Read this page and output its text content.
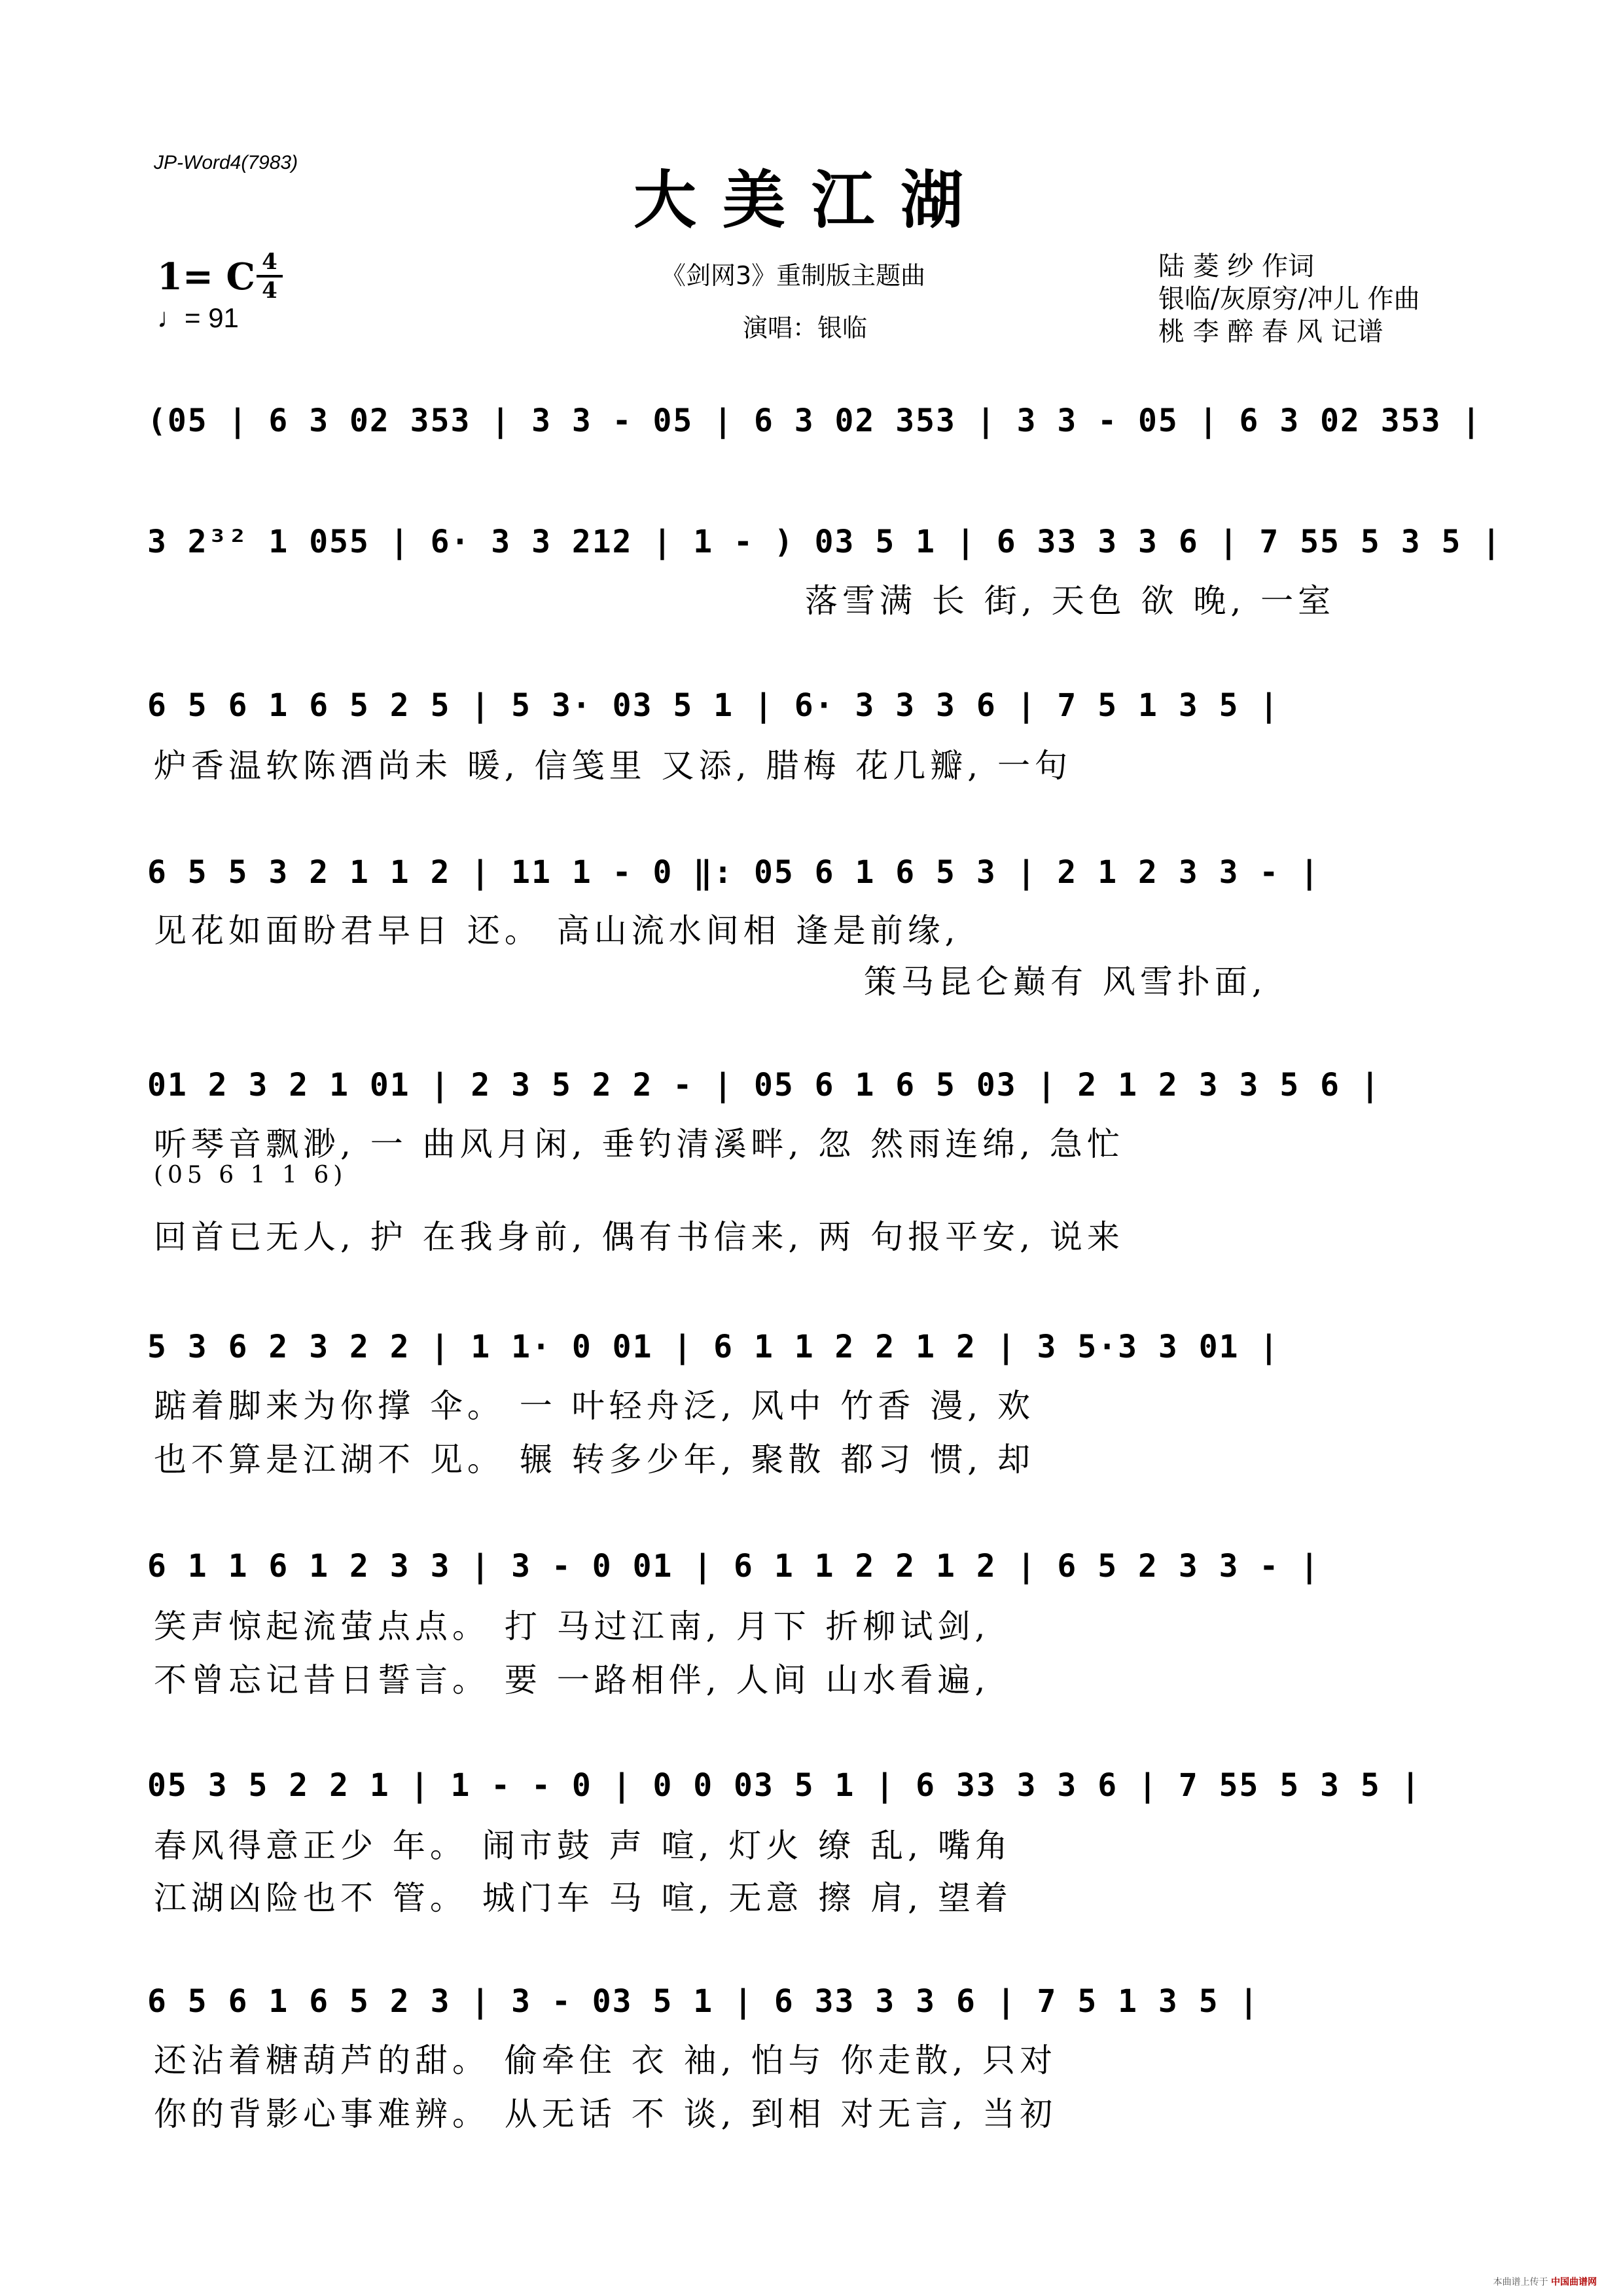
JP-Word4(7983)
大美江湖
1= C 4
4
♩= 91
《剑网3》重制版主题曲
演唱：银临
陆 菱 纱 作词
银临/灰原穷/冲儿 作曲
桃 李 醉 春 风 记谱
(05 | 6 3 02 353 | 3 3 - 05 | 6 3 02 353 | 3 3 - 05 | 6 3 02 353 |
3 2³² 1 055 | 6· 3 3 212 | 1 - ) 03 5 1 | 6 33 3 3 6 | 7 55 5 3 5 |
落雪满 长 街, 天色 欲 晚, 一室
6 5 6 1 6 5 2 5 | 5 3· 03 5 1 | 6· 3 3 3 6 | 7 5 1 3 5 |
炉香温软陈酒尚未 暖, 信笺里 又添, 腊梅 花几瓣, 一句
6 5 5 3 2 1 1 2 | 11 1 - 0 ‖: 05 6 1 6 5 3 | 2 1 2 3 3 - |
见花如面盼君早日 还。 高山流水间相 逢是前缘,
策马昆仑巅有 风雪扑面,
01 2 3 2 1 01 | 2 3 5 2 2 - | 05 6 1 6 5 03 | 2 1 2 3 3 5 6 |
听琴音飘渺, 一 曲风月闲, 垂钓清溪畔, 忽 然雨连绵, 急忙
(05 6 1 1 6)
回首已无人, 护 在我身前, 偶有书信来, 两 句报平安, 说来
5 3 6 2 3 2 2 | 1 1· 0 01 | 6 1 1 2 2 1 2 | 3 5·3 3 01 |
踮着脚来为你撑 伞。 一 叶轻舟泛, 风中 竹香 漫, 欢
也不算是江湖不 见。 辗 转多少年, 聚散 都习 惯, 却
6 1 1 6 1 2 3 3 | 3 - 0 01 | 6 1 1 2 2 1 2 | 6 5 2 3 3 - |
笑声惊起流萤点点。 打 马过江南, 月下 折柳试剑,
不曾忘记昔日誓言。 要 一路相伴, 人间 山水看遍,
05 3 5 2 2 1 | 1 - - 0 | 0 0 03 5 1 | 6 33 3 3 6 | 7 55 5 3 5 |
春风得意正少 年。 闹市鼓 声 喧, 灯火 缭 乱, 嘴角
江湖凶险也不 管。 城门车 马 喧, 无意 擦 肩, 望着
6 5 6 1 6 5 2 3 | 3 - 03 5 1 | 6 33 3 3 6 | 7 5 1 3 5 |
还沾着糖葫芦的甜。 偷牵住 衣 袖, 怕与 你走散, 只对
你的背影心事难辨。 从无话 不 谈, 到相 对无言, 当初
本曲谱上传于 中国曲谱网
